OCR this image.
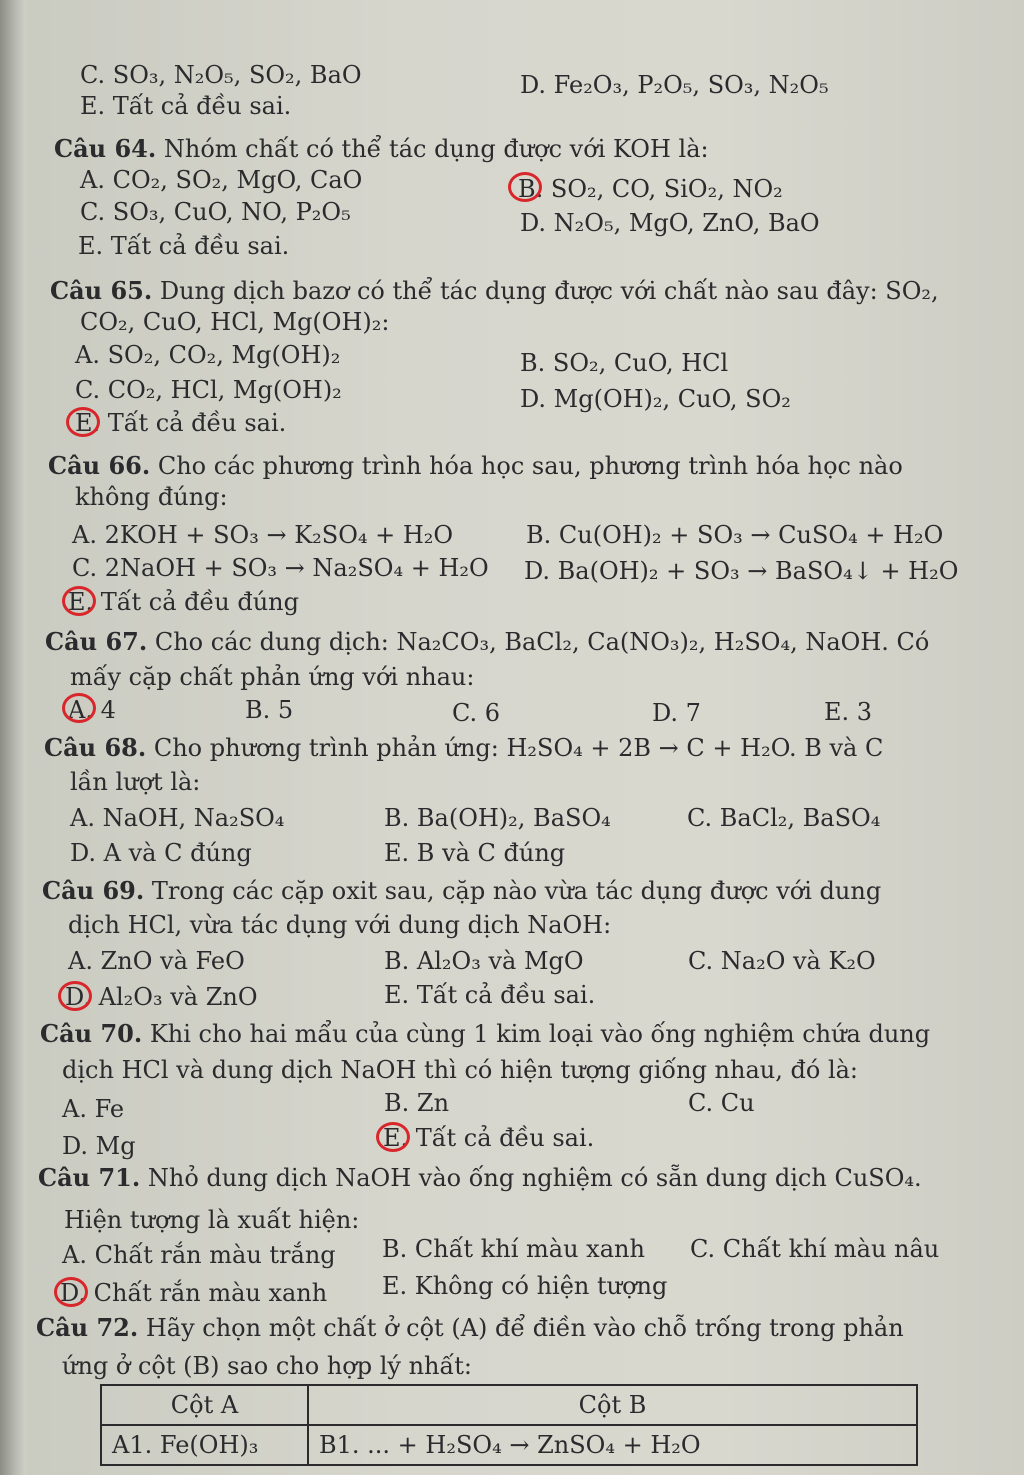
C. SO₃, N₂O₅, SO₂, BaO	D. Fe₂O₃, P₂O₅, SO₃, N₂O₅
E. Tất cả đều sai.
Câu 64. Nhóm chất có thể tác dụng được với KOH là:
A. CO₂, SO₂, MgO, CaO	B. SO₂, CO, SiO₂, NO₂
C. SO₃, CuO, NO, P₂O₅	D. N₂O₅, MgO, ZnO, BaO
E. Tất cả đều sai.
Câu 65. Dung dịch bazơ có thể tác dụng được với chất nào sau đây: SO₂,
CO₂, CuO, HCl, Mg(OH)₂:
A. SO₂, CO₂, Mg(OH)₂	B. SO₂, CuO, HCl
C. CO₂, HCl, Mg(OH)₂	D. Mg(OH)₂, CuO, SO₂
E. Tất cả đều sai.
Câu 66. Cho các phương trình hóa học sau, phương trình hóa học nào
không đúng:
A. 2KOH + SO₃ → K₂SO₄ + H₂O	B. Cu(OH)₂ + SO₃ → CuSO₄ + H₂O
C. 2NaOH + SO₃ → Na₂SO₄ + H₂O D. Ba(OH)₂ + SO₃ → BaSO₄↓ + H₂O
E. Tất cả đều đúng
Câu 67. Cho các dung dịch: Na₂CO₃, BaCl₂, Ca(NO₃)₂, H₂SO₄, NaOH. Có
mấy cặp chất phản ứng với nhau:
A. 4	B. 5	C. 6	D. 7	E. 3
Câu 68. Cho phương trình phản ứng: H₂SO₄ + 2B → C + H₂O. B và C
lần lượt là:
A. NaOH, Na₂SO₄	B. Ba(OH)₂, BaSO₄	C. BaCl₂, BaSO₄
D. A và C đúng	E. B và C đúng
Câu 69. Trong các cặp oxit sau, cặp nào vừa tác dụng được với dung
dịch HCl, vừa tác dụng với dung dịch NaOH:
A. ZnO và FeO	B. Al₂O₃ và MgO	C. Na₂O và K₂O
D. Al₂O₃ và ZnO	E. Tất cả đều sai.
Câu 70. Khi cho hai mẩu của cùng 1 kim loại vào ống nghiệm chứa dung
dịch HCl và dung dịch NaOH thì có hiện tượng giống nhau, đó là:
A. Fe	B. Zn	C. Cu
D. Mg	E. Tất cả đều sai.
Câu 71. Nhỏ dung dịch NaOH vào ống nghiệm có sẵn dung dịch CuSO₄.
Hiện tượng là xuất hiện:
A. Chất rắn màu trắng B. Chất khí màu xanh C. Chất khí màu nâu
D. Chất rắn màu xanh E. Không có hiện tượng
Câu 72. Hãy chọn một chất ở cột (A) để điền vào chỗ trống trong phản
ứng ở cột (B) sao cho hợp lý nhất:
Cột A	Cột B
A1. Fe(OH)₃	B1. ... + H₂SO₄ → ZnSO₄ + H₂O
